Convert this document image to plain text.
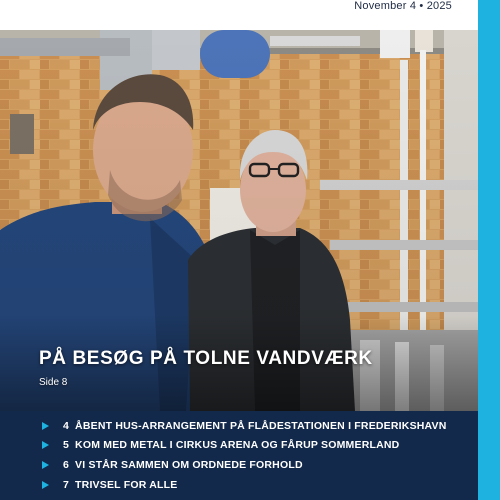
November 4 • 2025
PÅ BESØG PÅ TOLNE VANDVÆRK
Side 8
4 ÅBENT HUS-ARRANGEMENT PÅ FLÅDESTATIONEN I FREDERIKSHAVN
5 KOM MED METAL I CIRKUS ARENA OG FÅRUP SOMMERLAND
6 VI STÅR SAMMEN OM ORDNEDE FORHOLD
7 TRIVSEL FOR ALLE
